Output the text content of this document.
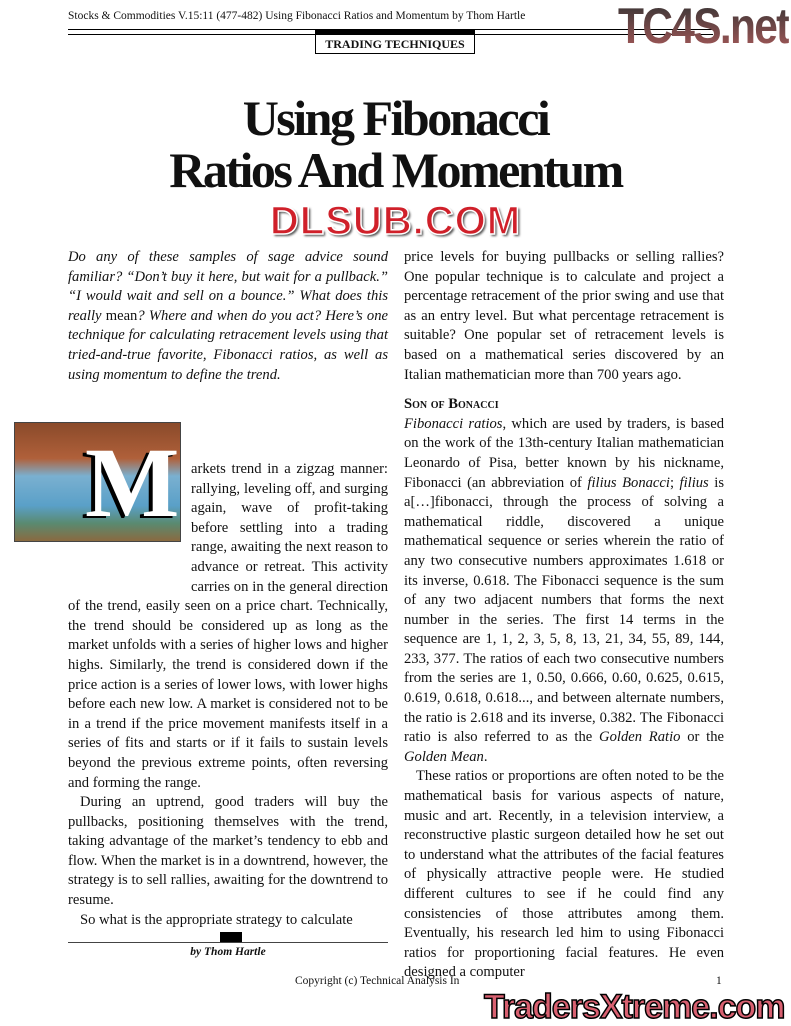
Stocks & Commodities V.15:11 (477-482) Using Fibonacci Ratios and Momentum by Thom Hartle
TRADING TECHNIQUES	TC4S.net
Using Fibonacci
Ratios And Momentum
DLSUB.COM

Do any of these samples of sage advice sound familiar? “Don’t buy it here, but wait for a pullback.” “I would wait and sell on a bounce.” What does this really mean? Where and when do you act? Here’s one technique for calculating retracement levels using that tried-and-true favorite, Fibonacci ratios, as well as using momentum to define the trend.

M arkets trend in a zigzag manner: rallying, leveling off, and surging again, wave of profit-taking before settling into a trading range, awaiting the next reason to advance or retreat. This activity carries on in the general direction of the trend, easily seen on a price chart. Technically, the trend should be considered up as long as the market unfolds with a series of higher lows and higher highs. Similarly, the trend is considered down if the price action is a series of lower lows, with lower highs before each new low. A market is considered not to be in a trend if the price movement manifests itself in a series of fits and starts or if it fails to sustain levels beyond the previous extreme points, often reversing and forming the range.

During an uptrend, good traders will buy the pullbacks, positioning themselves with the trend, taking advantage of the market’s tendency to ebb and flow. When the market is in a downtrend, however, the strategy is to sell rallies, awaiting for the downtrend to resume.

So what is the appropriate strategy to calculate

price levels for buying pullbacks or selling rallies? One popular technique is to calculate and project a percentage retracement of the prior swing and use that as an entry level. But what percentage retracement is suitable? One popular set of retracement levels is based on a mathematical series discovered by an Italian mathematician more than 700 years ago.

Son of Bonacci

Fibonacci ratios, which are used by traders, is based on the work of the 13th-century Italian mathematician Leonardo of Pisa, better known by his nickname, Fibonacci (an abbreviation of filius Bonacci; filius is a[…]fibonacci, through the process of solving a mathematical riddle, discovered a unique mathematical sequence or series wherein the ratio of any two consecutive numbers approximates 1.618 or its inverse, 0.618. The Fibonacci sequence is the sum of any two adjacent numbers that forms the next number in the series. The first 14 terms in the sequence are 1, 1, 2, 3, 5, 8, 13, 21, 34, 55, 89, 144, 233, 377. The ratios of each two consecutive numbers from the series are 1, 0.50, 0.666, 0.60, 0.625, 0.615, 0.619, 0.618, 0.618..., and between alternate numbers, the ratio is 2.618 and its inverse, 0.382. The Fibonacci ratio is also referred to as the Golden Ratio or the Golden Mean.

These ratios or proportions are often noted to be the mathematical basis for various aspects of nature, music and art. Recently, in a television interview, a reconstructive plastic surgeon detailed how he set out to understand what the attributes of the facial features of physically attractive people were. He studied different cultures to see if he could find any consistencies of those attributes among them. Eventually, his research led him to using Fibonacci ratios for proportioning facial features. He even designed a computer

by Thom Hartle
Copyright (c) Technical Analysis In	1
TradersXtreme.com
